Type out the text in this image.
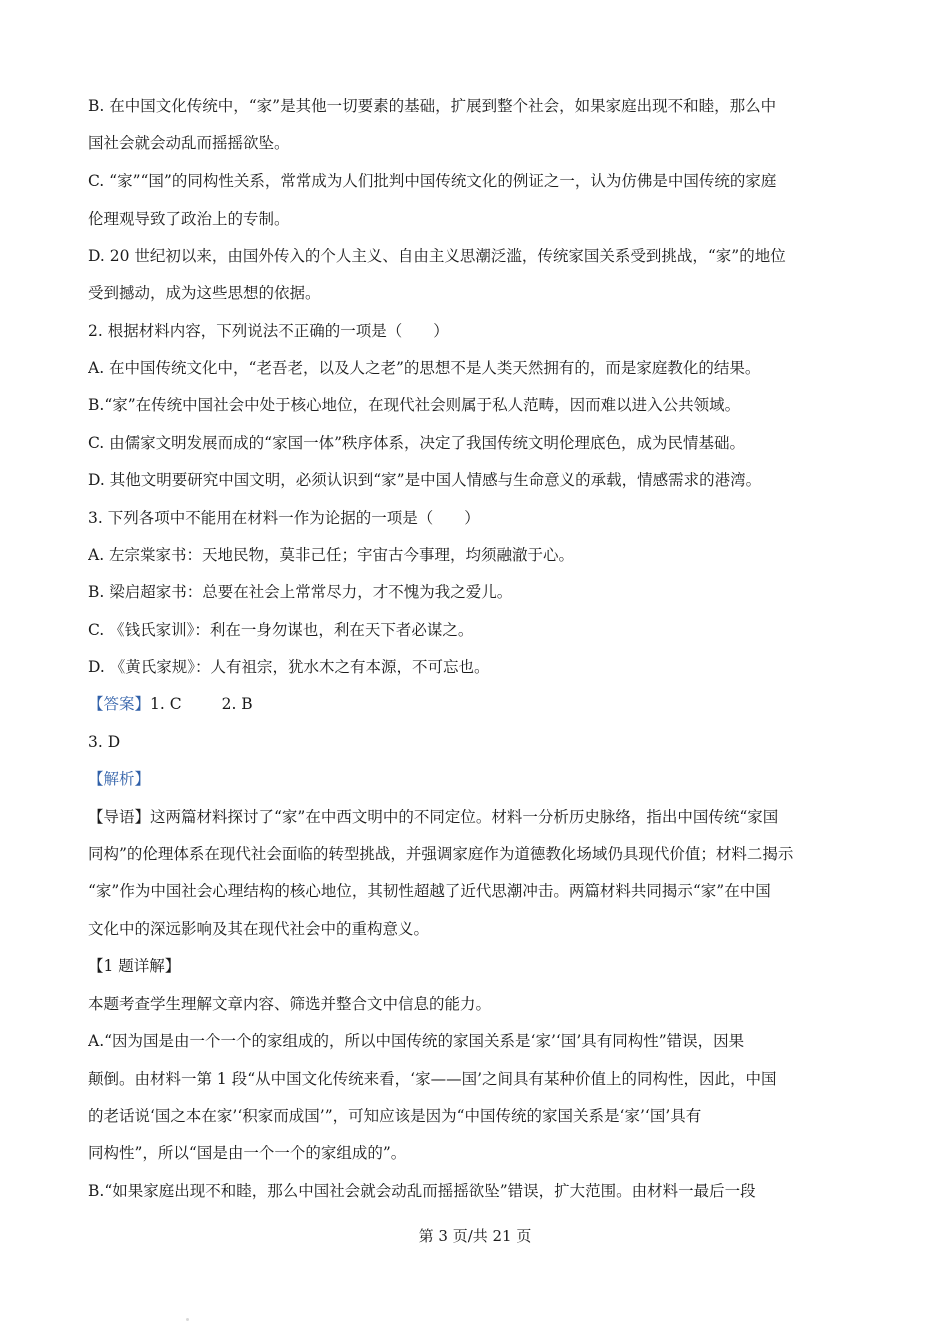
B. 在中国文化传统中，“家”是其他一切要素的基础，扩展到整个社会，如果家庭出现不和睦，那么中
国社会就会动乱而摇摇欲坠。
C. “家”“国”的同构性关系，常常成为人们批判中国传统文化的例证之一，认为仿佛是中国传统的家庭
伦理观导致了政治上的专制。
D. 20 世纪初以来，由国外传入的个人主义、自由主义思潮泛滥，传统家国关系受到挑战，“家”的地位
受到撼动，成为这些思想的依据。
2. 根据材料内容，下列说法不正确的一项是（　　）
A. 在中国传统文化中，“老吾老，以及人之老”的思想不是人类天然拥有的，而是家庭教化的结果。
B.“家”在传统中国社会中处于核心地位，在现代社会则属于私人范畴，因而难以进入公共领域。
C. 由儒家文明发展而成的“家国一体”秩序体系，决定了我国传统文明伦理底色，成为民情基础。
D. 其他文明要研究中国文明，必须认识到“家”是中国人情感与生命意义的承载，情感需求的港湾。
3. 下列各项中不能用在材料一作为论据的一项是（　　）
A. 左宗棠家书：天地民物，莫非己任；宇宙古今事理，均须融澈于心。
B. 梁启超家书：总要在社会上常常尽力，才不愧为我之爱儿。
C. 《钱氏家训》：利在一身勿谋也，利在天下者必谋之。
D. 《黄氏家规》：人有祖宗，犹水木之有本源，不可忘也。
【答案】1. C	2. B
3. D
【解析】
【导语】这两篇材料探讨了“家”在中西文明中的不同定位。材料一分析历史脉络，指出中国传统“家国
同构”的伦理体系在现代社会面临的转型挑战，并强调家庭作为道德教化场域仍具现代价值；材料二揭示
“家”作为中国社会心理结构的核心地位，其韧性超越了近代思潮冲击。两篇材料共同揭示“家”在中国
文化中的深远影响及其在现代社会中的重构意义。
【1 题详解】
本题考查学生理解文章内容、筛选并整合文中信息的能力。
A.“因为国是由一个一个的家组成的，所以中国传统的家国关系是‘家’‘国’具有同构性”错误，因果
颠倒。由材料一第 1 段“从中国文化传统来看，‘家——国’之间具有某种价值上的同构性，因此，中国
的老话说‘国之本在家’‘积家而成国’”，可知应该是因为“中国传统的家国关系是‘家’‘国’具有
同构性”，所以“国是由一个一个的家组成的”。
B.“如果家庭出现不和睦，那么中国社会就会动乱而摇摇欲坠”错误，扩大范围。由材料一最后一段
第 3 页/共 21 页
